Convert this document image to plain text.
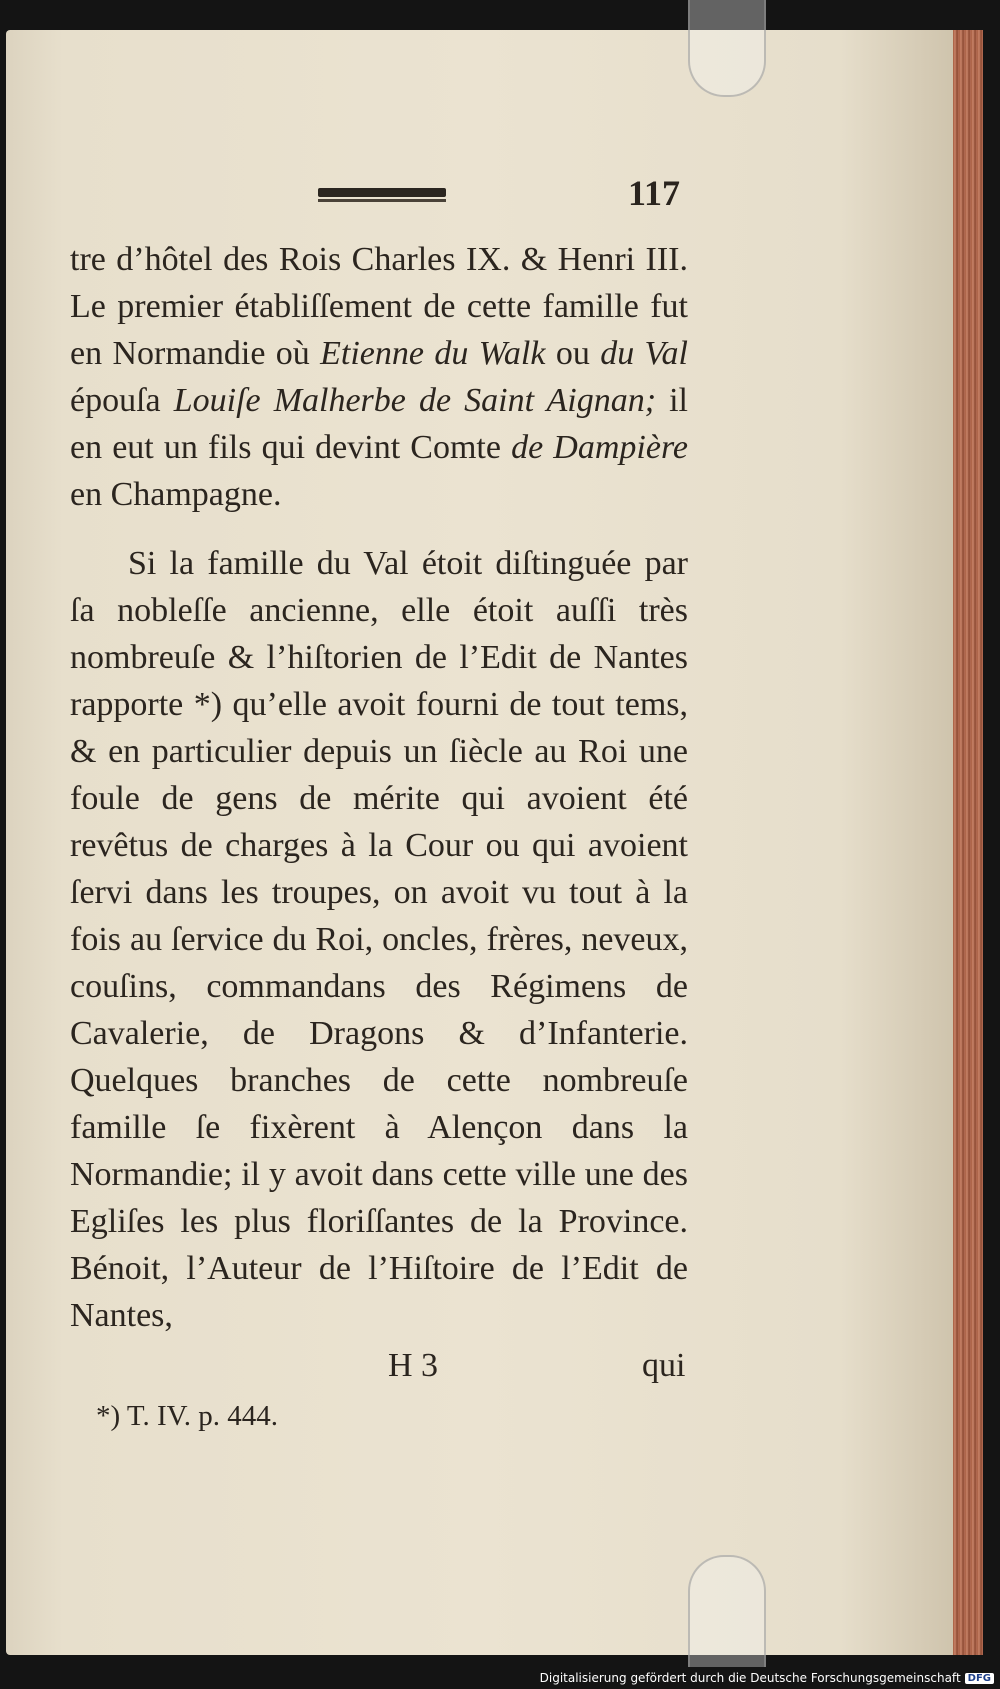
117

tre d’hôtel des Rois Charles IX. & Henri III. Le premier établiſſement de cette famille fut en Normandie où Etienne du Walk ou du Val épouſa Louiſe Malherbe de Saint Aignan; il en eut un fils qui devint Comte de Dampière en Champagne.

Si la famille du Val étoit diſtinguée par ſa nobleſſe ancienne, elle étoit auſſi très nombreuſe & l’hiſtorien de l’Edit de Nantes rapporte *) qu’elle avoit fourni de tout tems, & en particulier depuis un ſiècle au Roi une foule de gens de mérite qui avoient été revêtus de charges à la Cour ou qui avoient ſervi dans les troupes, on avoit vu tout à la fois au ſervice du Roi, oncles, frères, neveux, couſins, commandans des Régimens de Cavalerie, de Dragons & d’Infanterie. Quelques branches de cette nombreuſe famille ſe fixèrent à Alençon dans la Normandie; il y avoit dans cette ville une des Egliſes les plus floriſſantes de la Province. Bénoit, l’Auteur de l’Hiſtoire de l’Edit de Nantes,

H 3	qui
*) T. IV. p. 444.
Digitalisierung gefördert durch die Deutsche Forschungsgemeinschaft DFG
